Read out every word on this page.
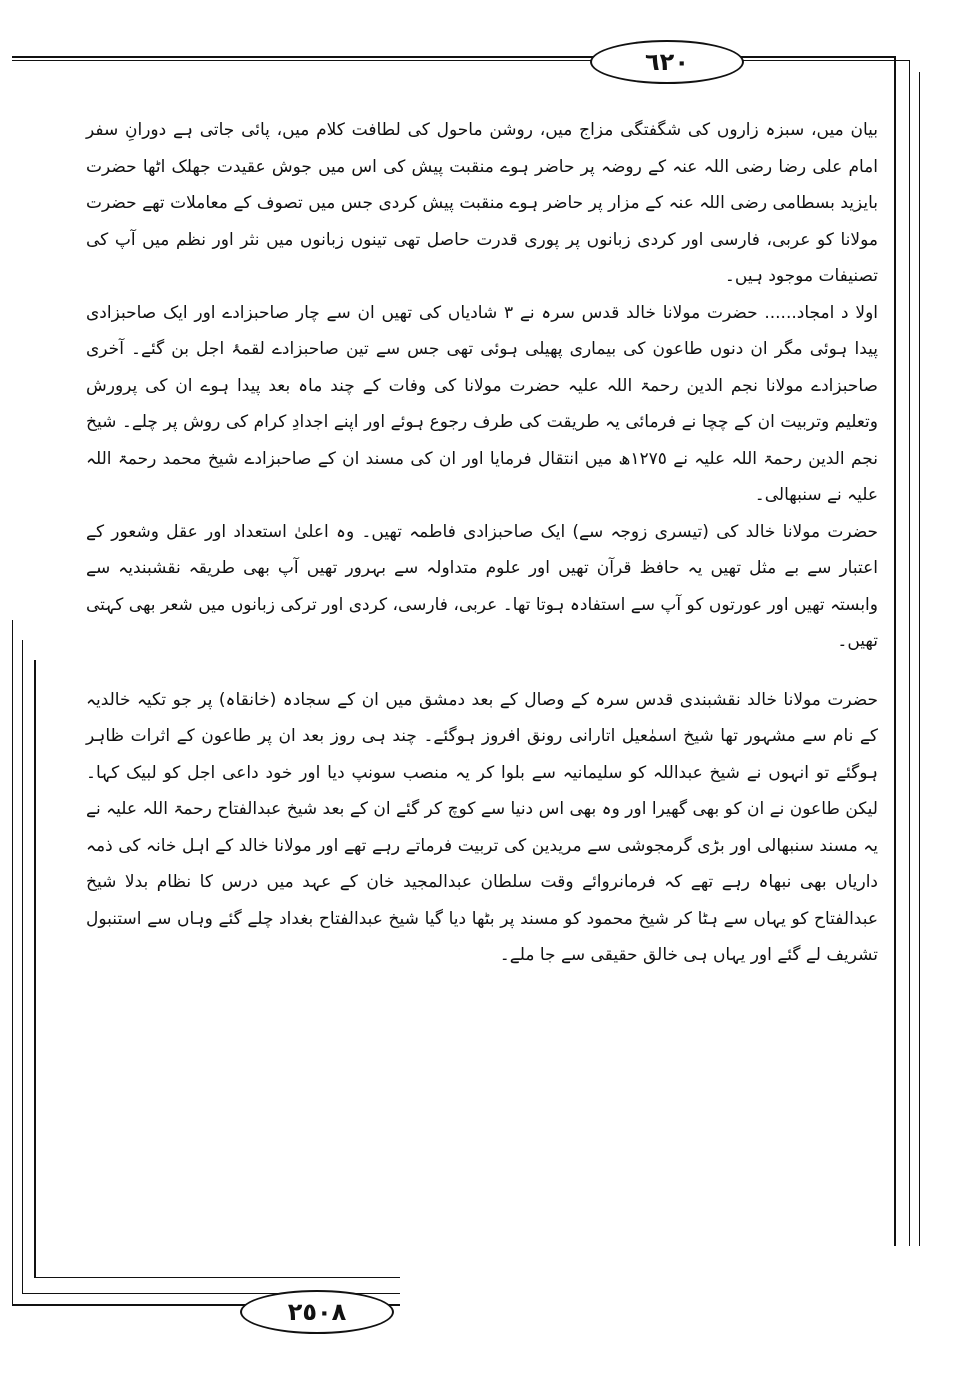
٦٢٠

بیان میں، سبزہ زاروں کی شگفتگی مزاج میں، روشن ماحول کی لطافت کلام میں، پائی جاتی ہے دورانِ سفر امام علی رضا رضی اللہ عنہ کے روضہ پر حاضر ہوے منقبت پیش کی اس میں جوش عقیدت جھلک اٹھا حضرت بایزید بسطامی رضی اللہ عنہ کے مزار پر حاضر ہوے منقبت پیش کردی جس میں تصوف کے معاملات تھے حضرت مولانا کو عربی، فارسی اور کردی زبانوں پر پوری قدرت حاصل تھی تینوں زبانوں میں نثر اور نظم میں آپ کی تصنیفات موجود ہیں۔

اولا د امجاد...... حضرت مولانا خالد قدس سرہ نے ٣ شادیاں کی تھیں ان سے چار صاحبزادے اور ایک صاحبزادی پیدا ہوئی مگر ان دنوں طاعون کی بیماری پھیلی ہوئی تھی جس سے تین صاحبزادے لقمۂ اجل بن گئے۔ آخری صاحبزادے مولانا نجم الدین رحمۃ اللہ علیہ حضرت مولانا کی وفات کے چند ماہ بعد پیدا ہوے ان کی پرورش وتعلیم وتربیت ان کے چچا نے فرمائی یہ طریقت کی طرف رجوع ہوئے اور اپنے اجدادِ کرام کی روش پر چلے۔ شیخ نجم الدین رحمۃ اللہ علیہ نے ١٢٧٥ھ میں انتقال فرمایا اور ان کی مسند ان کے صاحبزادے شیخ محمد رحمۃ اللہ علیہ نے سنبھالی۔

حضرت مولانا خالد کی (تیسری زوجہ سے) ایک صاحبزادی فاطمہ تھیں۔ وہ اعلیٰ استعداد اور عقل وشعور کے اعتبار سے بے مثل تھیں یہ حافظ قرآن تھیں اور علوم متداولہ سے بہرور تھیں آپ بھی طریقہ نقشبندیہ سے وابستہ تھیں اور عورتوں کو آپ سے استفادہ ہوتا تھا۔ عربی، فارسی، کردی اور ترکی زبانوں میں شعر بھی کہتی تھیں۔

حضرت مولانا خالد نقشبندی قدس سرہ کے وصال کے بعد دمشق میں ان کے سجادہ (خانقاہ) پر جو تکیہ خالدیہ کے نام سے مشہور تھا شیخ اسمٰعیل اتارانی رونق افروز ہوگئے۔ چند ہی روز بعد ان پر طاعون کے اثرات ظاہر ہوگئے تو انہوں نے شیخ عبداللہ کو سلیمانیہ سے بلوا کر یہ منصب سونپ دیا اور خود داعی اجل کو لبیک کہا۔ لیکن طاعون نے ان کو بھی گھیرا اور وہ بھی اس دنیا سے کوچ کر گئے ان کے بعد شیخ عبدالفتاح رحمۃ اللہ علیہ نے یہ مسند سنبھالی اور بڑی گرمجوشی سے مریدین کی تربیت فرماتے رہے تھے اور مولانا خالد کے اہل خانہ کی ذمہ داریاں بھی نبھاہ رہے تھے کہ فرمانروائے وقت سلطان عبدالمجید خان کے عہد میں درس کا نظام بدلا شیخ عبدالفتاح کو یہاں سے ہٹا کر شیخ محمود کو مسند پر بٹھا دیا گیا شیخ عبدالفتاح بغداد چلے گئے وہاں سے استنبول تشریف لے گئے اور یہاں ہی خالق حقیقی سے جا ملے۔

٢٥٠٨
